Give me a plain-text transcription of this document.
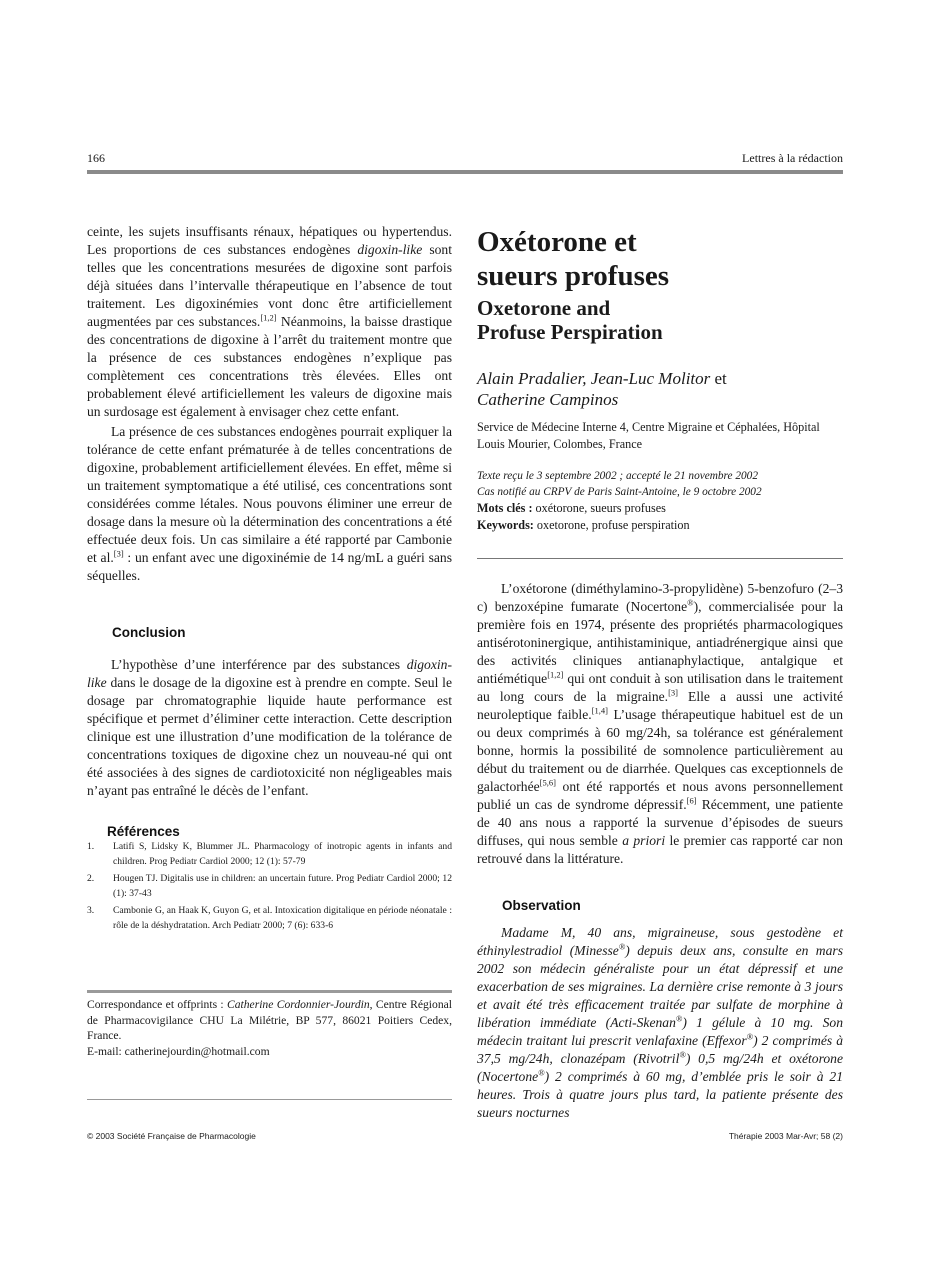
166	Lettres à la rédaction

ceinte, les sujets insuffisants rénaux, hépatiques ou hypertendus. Les proportions de ces substances endogènes digoxin-like sont telles que les concentrations mesurées de digoxine sont parfois déjà situées dans l’intervalle thérapeutique en l’absence de tout traitement. Les digoxinémies vont donc être artificiellement augmentées par ces substances.[1,2] Néanmoins, la baisse drastique des concentrations de digoxine à l’arrêt du traitement montre que la présence de ces substances endogènes n’explique pas complètement ces concentrations très élevées. Elles ont probablement élevé artificiellement les valeurs de digoxine mais un surdosage est également à envisager chez cette enfant.

La présence de ces substances endogènes pourrait expliquer la tolérance de cette enfant prématurée à de telles concentrations de digoxine, probablement artificiellement élevées. En effet, même si un traitement symptomatique a été utilisé, ces concentrations sont considérées comme létales. Nous pouvons éliminer une erreur de dosage dans la mesure où la détermination des concentrations a été effectuée deux fois. Un cas similaire a été rapporté par Cambonie et al.[3] : un enfant avec une digoxinémie de 14 ng/mL a guéri sans séquelles.

Conclusion

L’hypothèse d’une interférence par des substances digoxin-like dans le dosage de la digoxine est à prendre en compte. Seul le dosage par chromatographie liquide haute performance est spécifique et permet d’éliminer cette interaction. Cette description clinique est une illustration d’une modification de la tolérance de concentrations toxiques de digoxine chez un nouveau-né qui ont été associées à des signes de cardiotoxicité non négligeables mais n’ayant pas entraîné le décès de l’enfant.

Références
1. Latifi S, Lidsky K, Blummer JL. Pharmacology of inotropic agents in infants and children. Prog Pediatr Cardiol 2000; 12 (1): 57-79
2. Hougen TJ. Digitalis use in children: an uncertain future. Prog Pediatr Cardiol 2000; 12 (1): 37-43
3. Cambonie G, an Haak K, Guyon G, et al. Intoxication digitalique en période néonatale : rôle de la déshydratation. Arch Pediatr 2000; 7 (6): 633-6
Correspondance et offprints : Catherine Cordonnier-Jourdin, Centre Régional de Pharmacovigilance CHU La Milétrie, BP 577, 86021 Poitiers Cedex, France.
E-mail: catherinejourdin@hotmail.com
Oxétorone et
sueurs profuses
Oxetorone and
Profuse Perspiration
Alain Pradalier, Jean-Luc Molitor et
Catherine Campinos
Service de Médecine Interne 4, Centre Migraine et Céphalées, Hôpital Louis Mourier, Colombes, France
Texte reçu le 3 septembre 2002 ; accepté le 21 novembre 2002
Cas notifié au CRPV de Paris Saint-Antoine, le 9 octobre 2002
Mots clés : oxétorone, sueurs profuses
Keywords: oxetorone, profuse perspiration

L’oxétorone (diméthylamino-3-propylidène) 5-benzofuro (2–3 c) benzoxépine fumarate (Nocertone®), commercialisée pour la première fois en 1974, présente des propriétés pharmacologiques antisérotoninergique, antihistaminique, antiadrénergique ainsi que des activités cliniques antianaphylactique, antalgique et antiémétique[1,2] qui ont conduit à son utilisation dans le traitement au long cours de la migraine.[3] Elle a aussi une activité neuroleptique faible.[1,4] L’usage thérapeutique habituel est de un ou deux comprimés à 60 mg/24h, sa tolérance est généralement bonne, hormis la possibilité de somnolence particulièrement au début du traitement ou de diarrhée. Quelques cas exceptionnels de galactorhée[5,6] ont été rapportés et nous avons personnellement publié un cas de syndrome dépressif.[6] Récemment, une patiente de 40 ans nous a rapporté la survenue d’épisodes de sueurs diffuses, qui nous semble a priori le premier cas rapporté car non retrouvé dans la littérature.

Observation

Madame M, 40 ans, migraineuse, sous gestodène et éthinylestradiol (Minesse®) depuis deux ans, consulte en mars 2002 son médecin généraliste pour un état dépressif et une exacerbation de ses migraines. La dernière crise remonte à 3 jours et avait été très efficacement traitée par sulfate de morphine à libération immédiate (Acti-Skenan®) 1 gélule à 10 mg. Son médecin traitant lui prescrit venlafaxine (Effexor®) 2 comprimés à 37,5 mg/24h, clonazépam (Rivotril®) 0,5 mg/24h et oxétorone (Nocertone®) 2 comprimés à 60 mg, d’emblée pris le soir à 21 heures. Trois à quatre jours plus tard, la patiente présente des sueurs nocturnes

© 2003 Société Française de Pharmacologie	Thérapie 2003 Mar-Avr; 58 (2)
